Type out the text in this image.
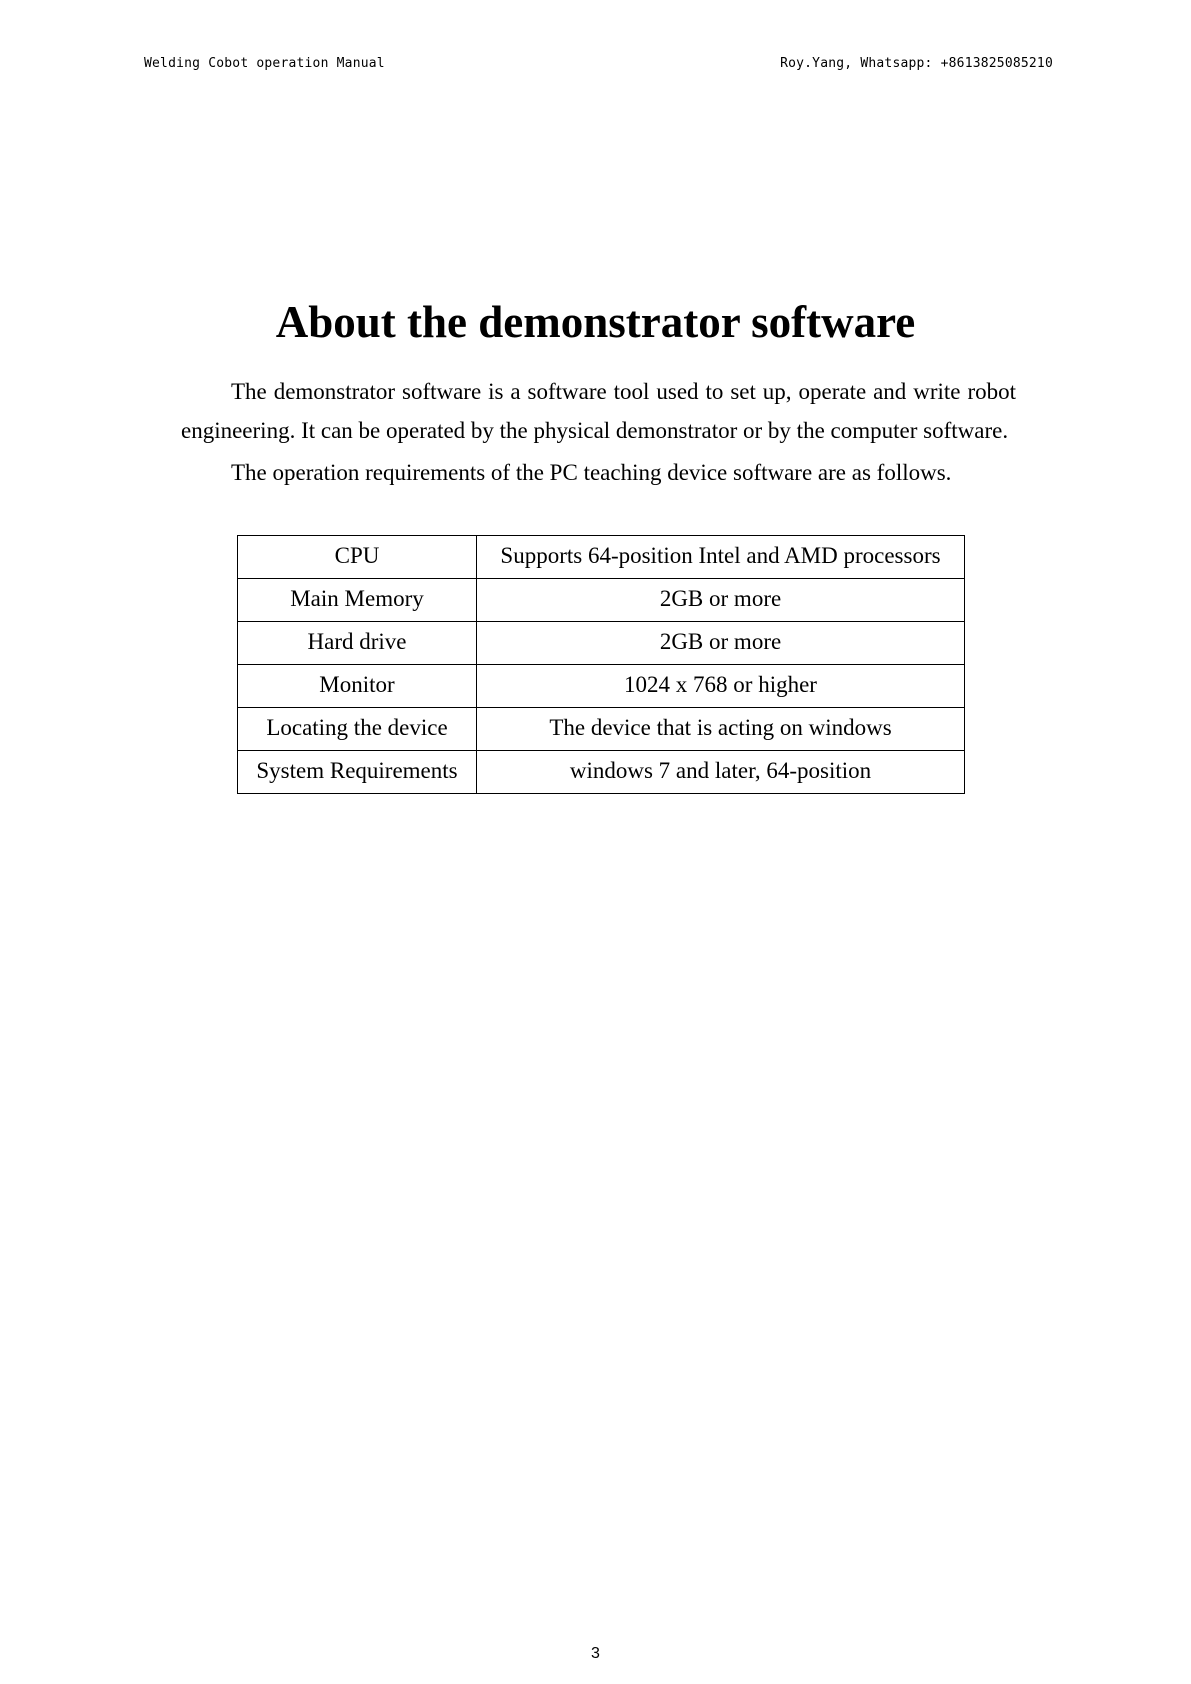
Welding Cobot operation Manual	Roy.Yang, Whatsapp: +8613825085210
About the demonstrator software

The demonstrator software is a software tool used to set up, operate and write robot engineering. It can be operated by the physical demonstrator or by the computer software.

The operation requirements of the PC teaching device software are as follows.

CPU	Supports 64-position Intel and AMD processors
Main Memory	2GB or more
Hard drive	2GB or more
Monitor	1024 x 768 or higher
Locating the device	The device that is acting on windows
System Requirements	windows 7 and later, 64-position
3
